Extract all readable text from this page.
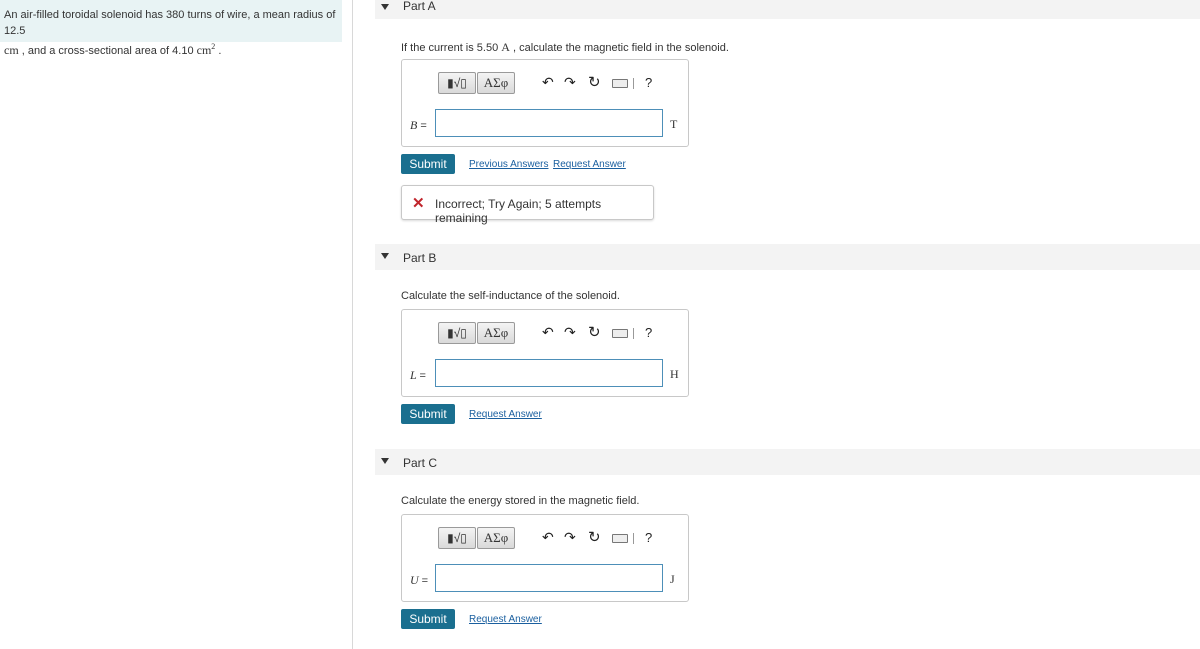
An air-filled toroidal solenoid has 380 turns of wire, a mean radius of 12.5
cm , and a cross-sectional area of 4.10 $cm^2$ .
Part A
If the current is 5.50 A , calculate the magnetic field in the solenoid.
▮√▯	ΑΣφ	↶ ↷ ↻	?
B =	T
Submit	Previous Answers Request Answer
✕ Incorrect; Try Again; 5 attempts remaining
Part B
Calculate the self-inductance of the solenoid.
▮√▯	ΑΣφ	↶ ↷ ↻	?
L =	H
Submit	Request Answer
Part C
Calculate the energy stored in the magnetic field.
▮√▯	ΑΣφ	↶ ↷ ↻	?
U =	J
Submit	Request Answer
